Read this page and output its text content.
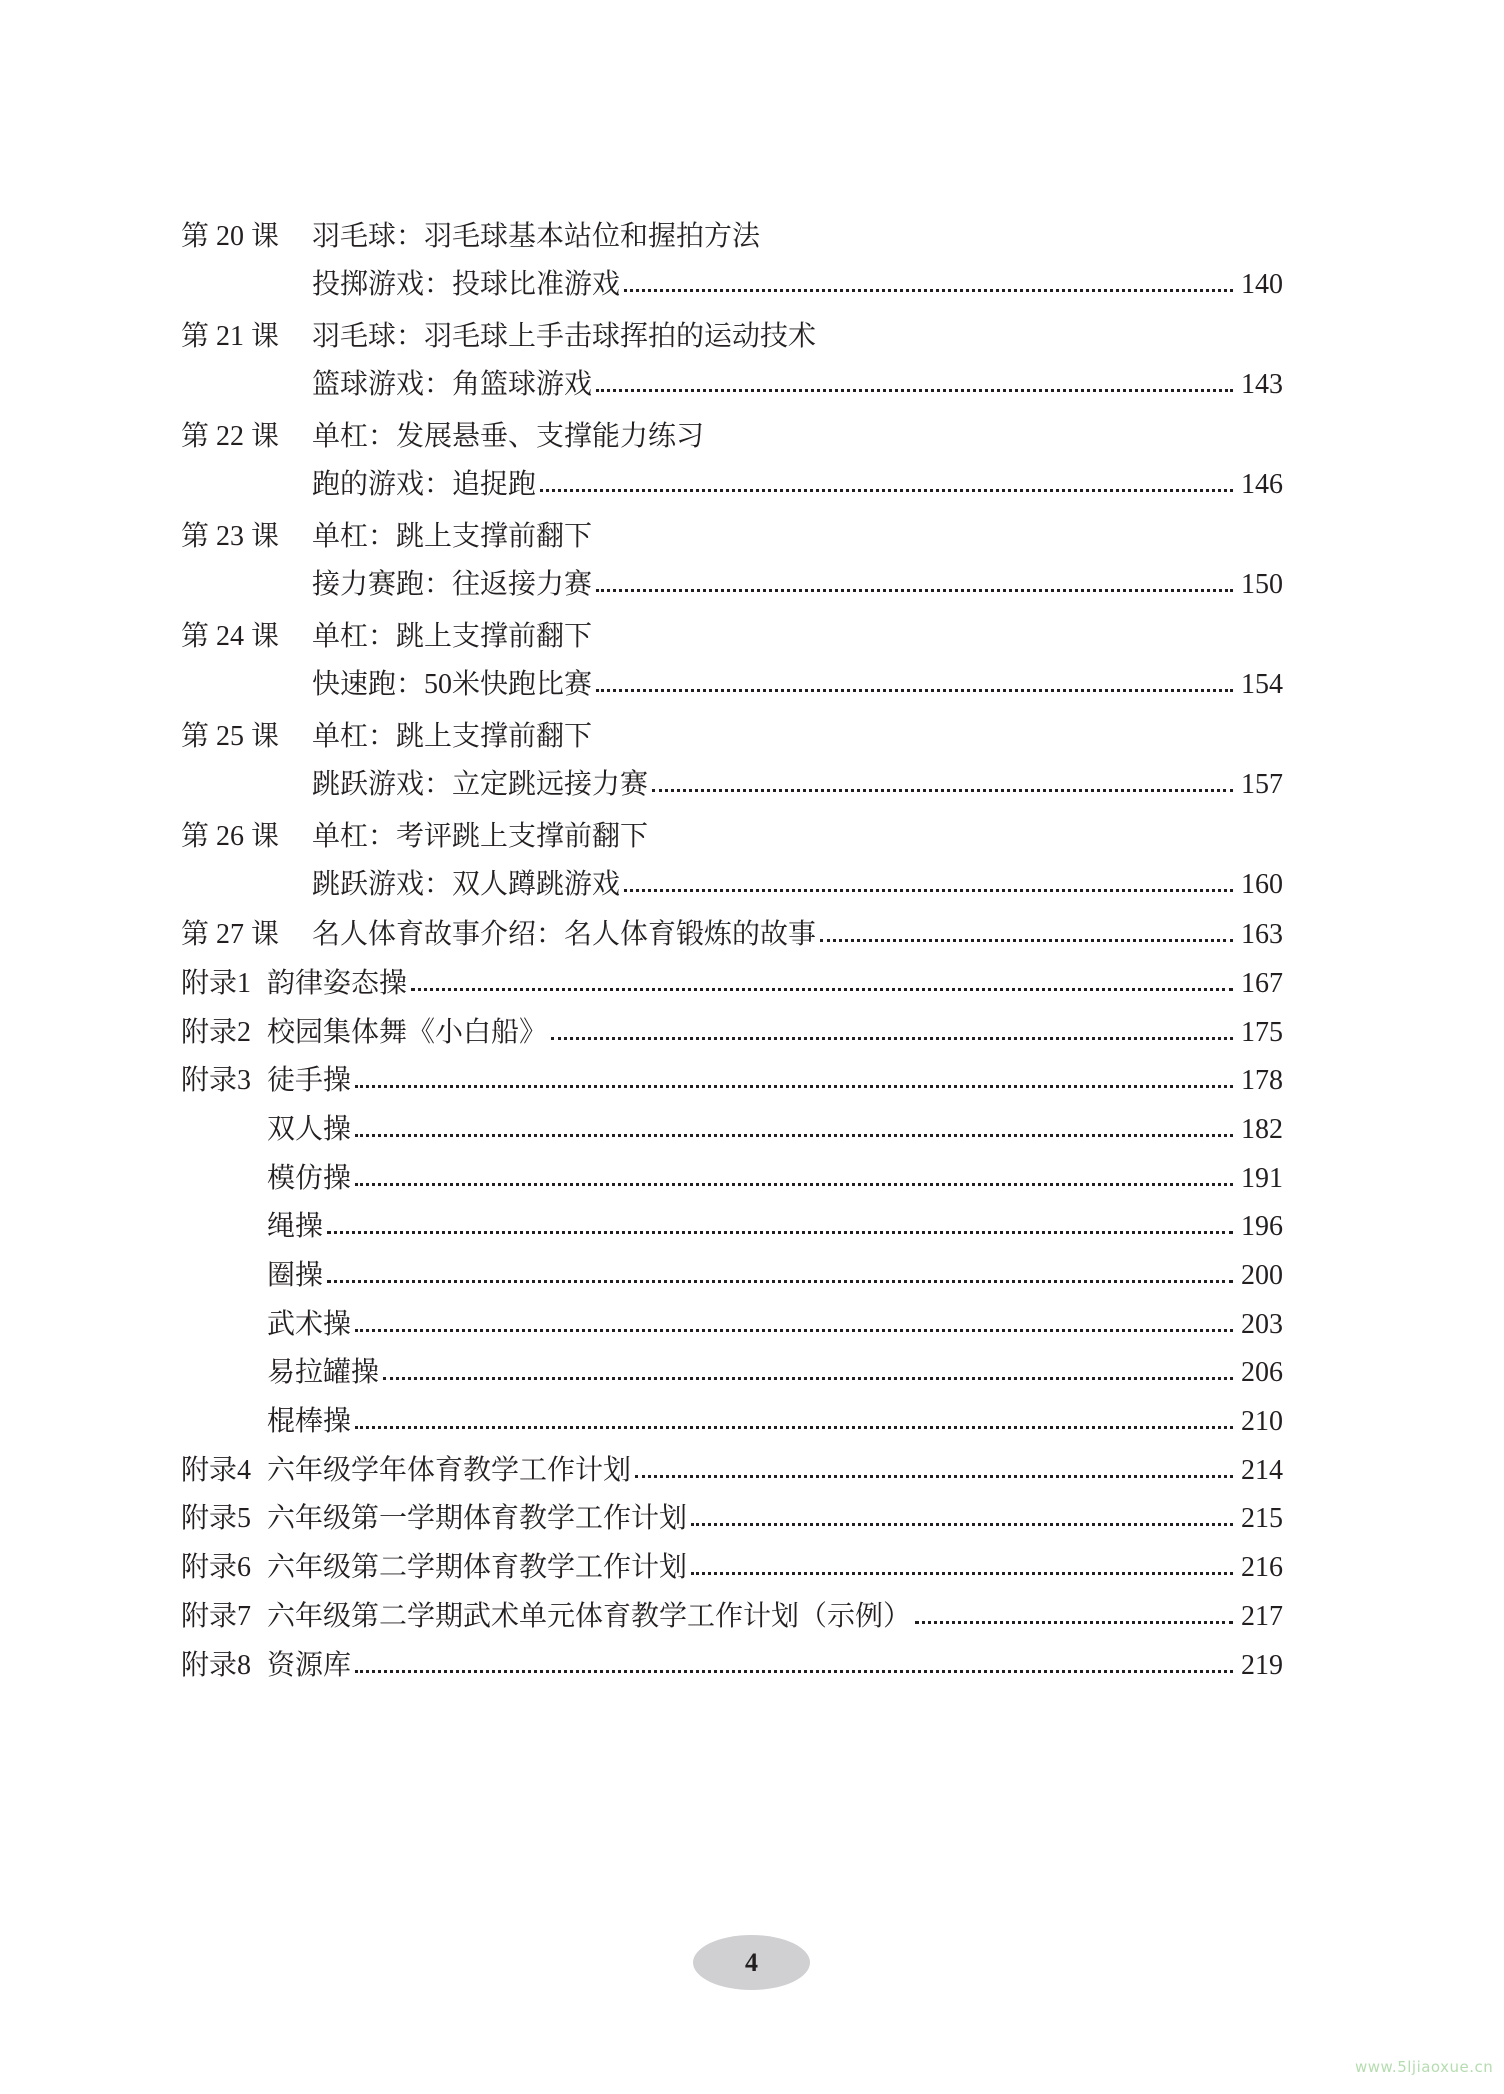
第 20 课	羽毛球：羽毛球基本站位和握拍方法
投掷游戏：投球比准游戏	140
第 21 课	羽毛球：羽毛球上手击球挥拍的运动技术
篮球游戏：角篮球游戏	143
第 22 课	单杠：发展悬垂、支撑能力练习
跑的游戏：追捉跑	146
第 23 课	单杠：跳上支撑前翻下
接力赛跑：往返接力赛	150
第 24 课	单杠：跳上支撑前翻下
快速跑：50米快跑比赛	154
第 25 课	单杠：跳上支撑前翻下
跳跃游戏：立定跳远接力赛	157
第 26 课	单杠：考评跳上支撑前翻下
跳跃游戏：双人蹲跳游戏	160
第 27 课	名人体育故事介绍：名人体育锻炼的故事	163
附录1 韵律姿态操	167
附录2 校园集体舞《小白船》	175
附录3 徒手操	178
双人操	182
模仿操	191
绳操	196
圈操	200
武术操	203
易拉罐操	206
棍棒操	210
附录4 六年级学年体育教学工作计划	214
附录5 六年级第一学期体育教学工作计划	215
附录6 六年级第二学期体育教学工作计划	216
附录7 六年级第二学期武术单元体育教学工作计划（示例）	217
附录8 资源库	219
4
www.5ljiaoxue.cn
